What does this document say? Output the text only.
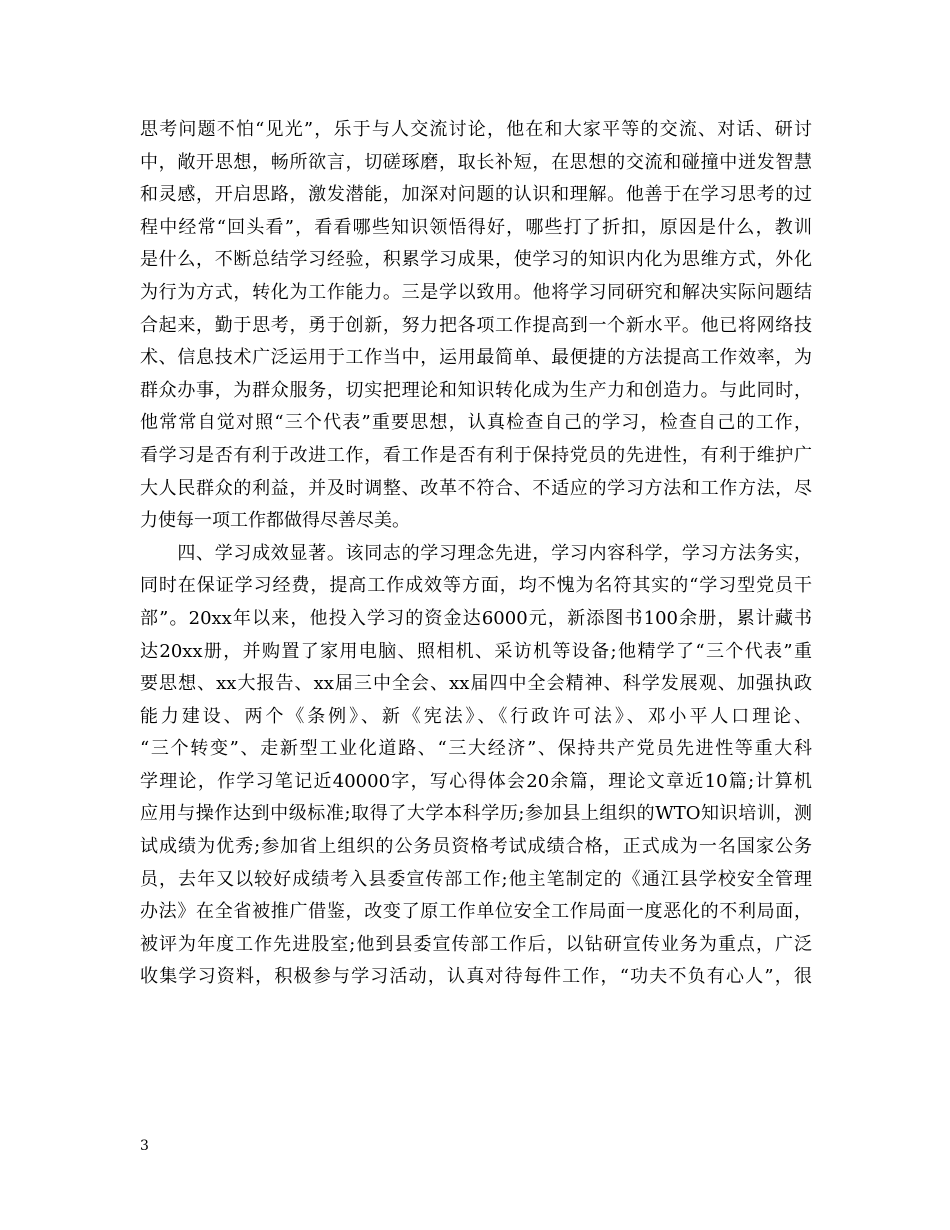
思考问题不怕“见光”，乐于与人交流讨论，他在和大家平等的交流、对话、研讨
中，敞开思想，畅所欲言，切磋琢磨，取长补短，在思想的交流和碰撞中迸发智慧
和灵感，开启思路，激发潜能，加深对问题的认识和理解。他善于在学习思考的过
程中经常“回头看”，看看哪些知识领悟得好，哪些打了折扣，原因是什么，教训
是什么，不断总结学习经验，积累学习成果，使学习的知识内化为思维方式，外化
为行为方式，转化为工作能力。三是学以致用。他将学习同研究和解决实际问题结
合起来，勤于思考，勇于创新，努力把各项工作提高到一个新水平。他已将网络技
术、信息技术广泛运用于工作当中，运用最简单、最便捷的方法提高工作效率，为
群众办事，为群众服务，切实把理论和知识转化成为生产力和创造力。与此同时，
他常常自觉对照“三个代表”重要思想，认真检查自己的学习，检查自己的工作，
看学习是否有利于改进工作，看工作是否有利于保持党员的先进性，有利于维护广
大人民群众的利益，并及时调整、改革不符合、不适应的学习方法和工作方法，尽
力使每一项工作都做得尽善尽美。
　　四、学习成效显著。该同志的学习理念先进，学习内容科学，学习方法务实，
同时在保证学习经费，提高工作成效等方面，均不愧为名符其实的“学习型党员干
部”。20xx年以来，他投入学习的资金达6000元，新添图书100余册，累计藏书
达20xx册，并购置了家用电脑、照相机、采访机等设备;他精学了“三个代表”重
要思想、xx大报告、xx届三中全会、xx届四中全会精神、科学发展观、加强执政
能力建设、两个《条例》、新《宪法》、《行政许可法》、邓小平人口理论、
“三个转变”、走新型工业化道路、“三大经济”、保持共产党员先进性等重大科
学理论，作学习笔记近40000字，写心得体会20余篇，理论文章近10篇;计算机
应用与操作达到中级标准;取得了大学本科学历;参加县上组织的WTO知识培训，测
试成绩为优秀;参加省上组织的公务员资格考试成绩合格，正式成为一名国家公务
员，去年又以较好成绩考入县委宣传部工作;他主笔制定的《通江县学校安全管理
办法》在全省被推广借鉴，改变了原工作单位安全工作局面一度恶化的不利局面，
被评为年度工作先进股室;他到县委宣传部工作后，以钻研宣传业务为重点，广泛
收集学习资料，积极参与学习活动，认真对待每件工作，“功夫不负有心人”，很
3
